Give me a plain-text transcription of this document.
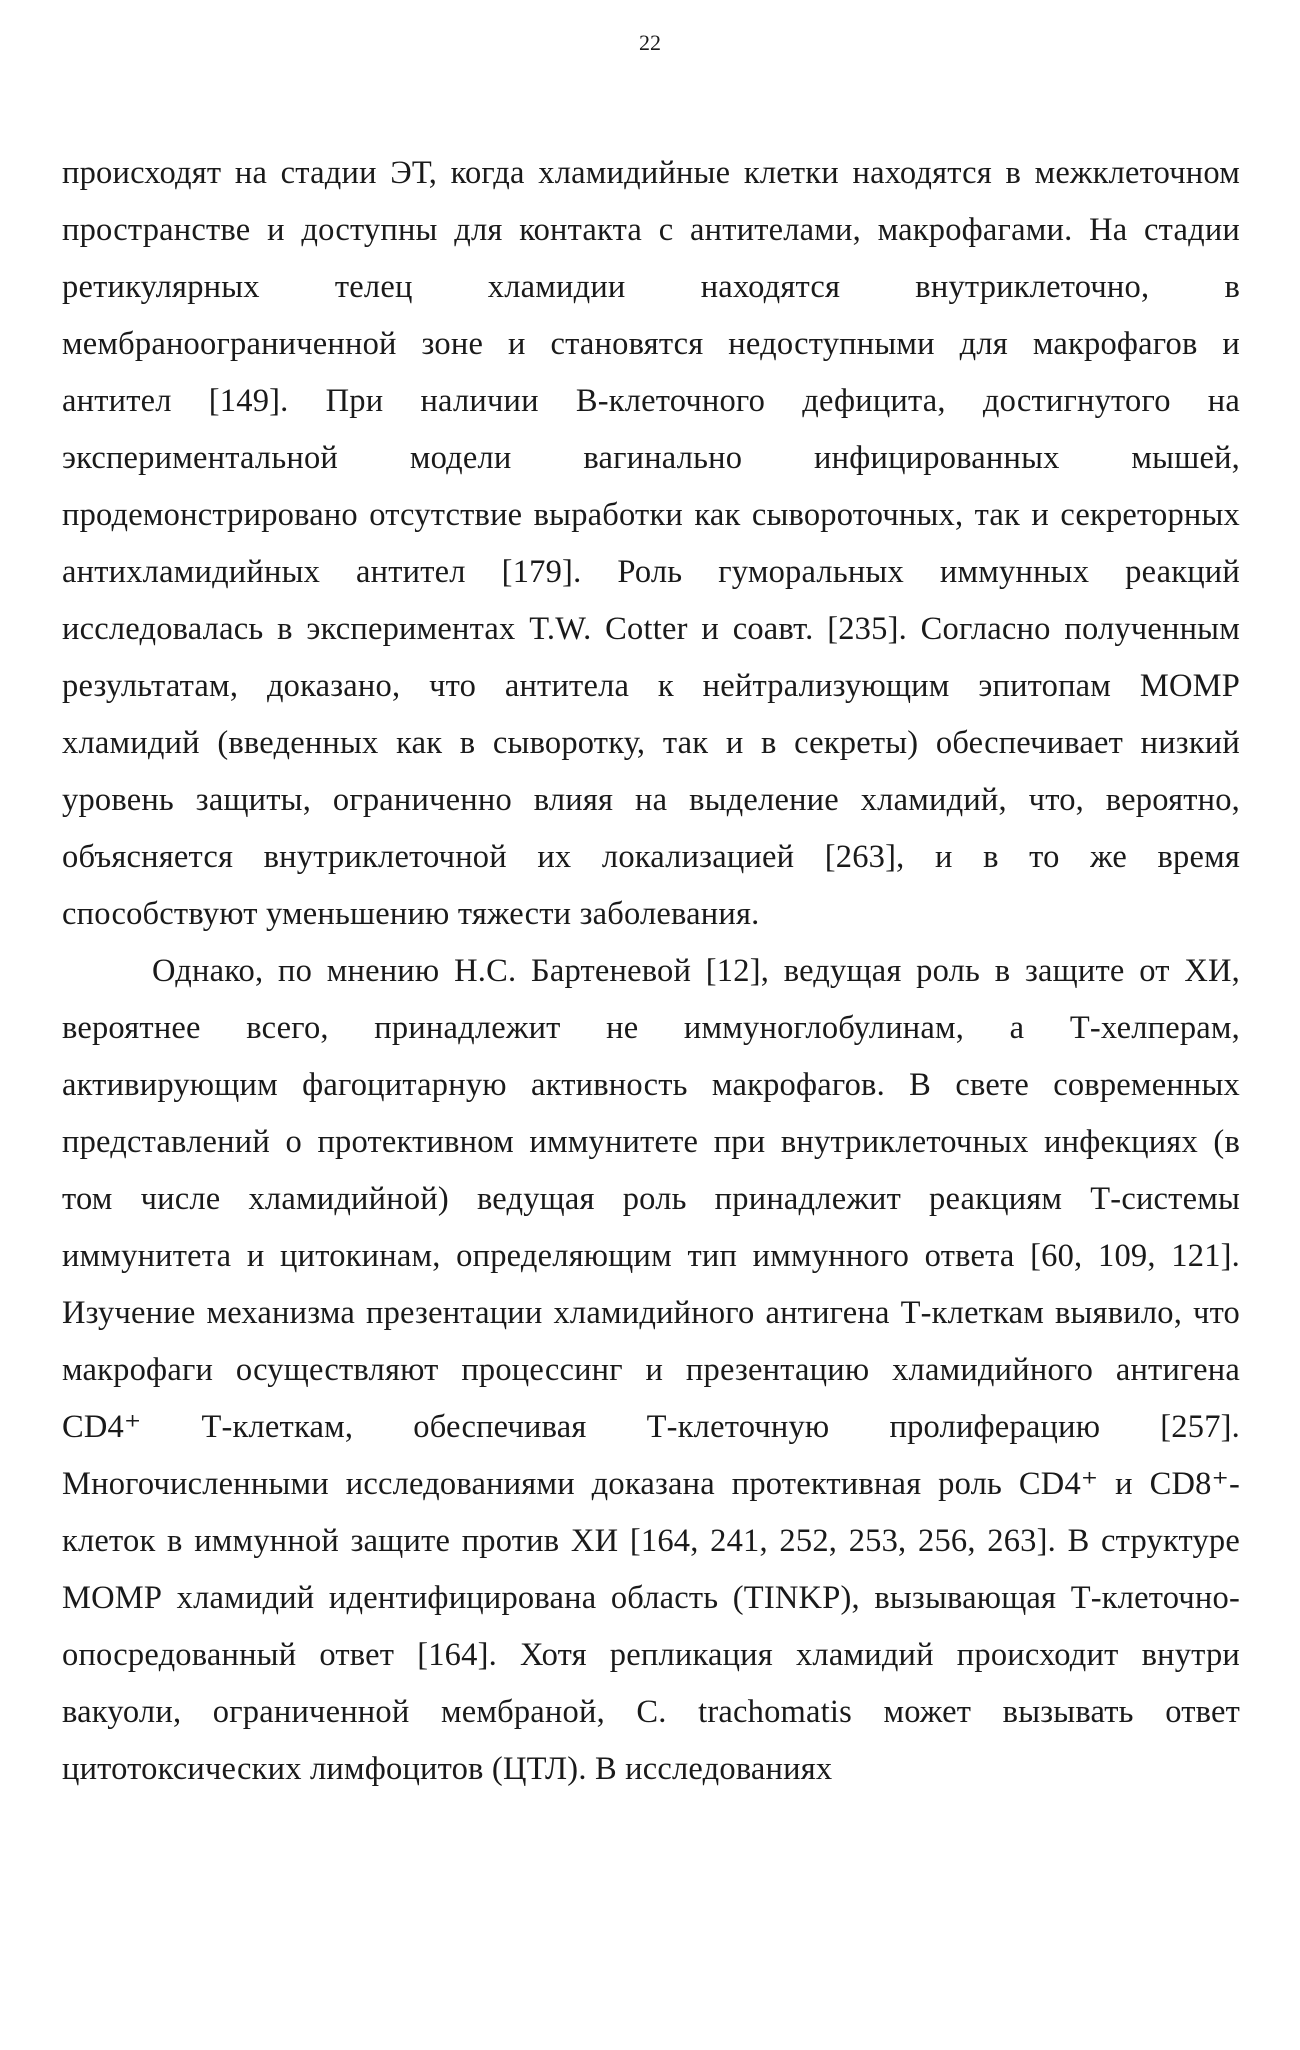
22

происходят на стадии ЭТ, когда хламидийные клетки находятся в межклеточном пространстве и доступны для контакта с антителами, макрофагами. На стадии ретикулярных телец хламидии находятся внутриклеточно, в мембраноограниченной зоне и становятся недоступными для макрофагов и антител [149]. При наличии В-клеточного дефицита, достигнутого на экспериментальной модели вагинально инфицированных мышей, продемонстрировано отсутствие выработки как сывороточных, так и секреторных антихламидийных антител [179]. Роль гуморальных иммунных реакций исследовалась в экспериментах T.W. Cotter и соавт. [235]. Согласно полученным результатам, доказано, что антитела к нейтрализующим эпитопам МОМР хламидий (введенных как в сыворотку, так и в секреты) обеспечивает низкий уровень защиты, ограниченно влияя на выделение хламидий, что, вероятно, объясняется внутриклеточной их локализацией [263], и в то же время способствуют уменьшению тяжести заболевания.

Однако, по мнению Н.С. Бартеневой [12], ведущая роль в защите от ХИ, вероятнее всего, принадлежит не иммуноглобулинам, а Т-хелперам, активирующим фагоцитарную активность макрофагов. В свете современных представлений о протективном иммунитете при внутриклеточных инфекциях (в том числе хламидийной) ведущая роль принадлежит реакциям Т-системы иммунитета и цитокинам, определяющим тип иммунного ответа [60, 109, 121]. Изучение механизма презентации хламидийного антигена Т-клеткам выявило, что макрофаги осуществляют процессинг и презентацию хламидийного антигена CD4⁺ Т-клеткам, обеспечивая Т-клеточную пролиферацию [257]. Многочисленными исследованиями доказана протективная роль CD4⁺ и CD8⁺-клеток в иммунной защите против ХИ [164, 241, 252, 253, 256, 263]. В структуре МОМР хламидий идентифицирована область (TINKP), вызывающая Т-клеточно-опосредованный ответ [164]. Хотя репликация хламидий происходит внутри вакуоли, ограниченной мембраной, C. trachomatis может вызывать ответ цитотоксических лимфоцитов (ЦТЛ). В исследованиях
